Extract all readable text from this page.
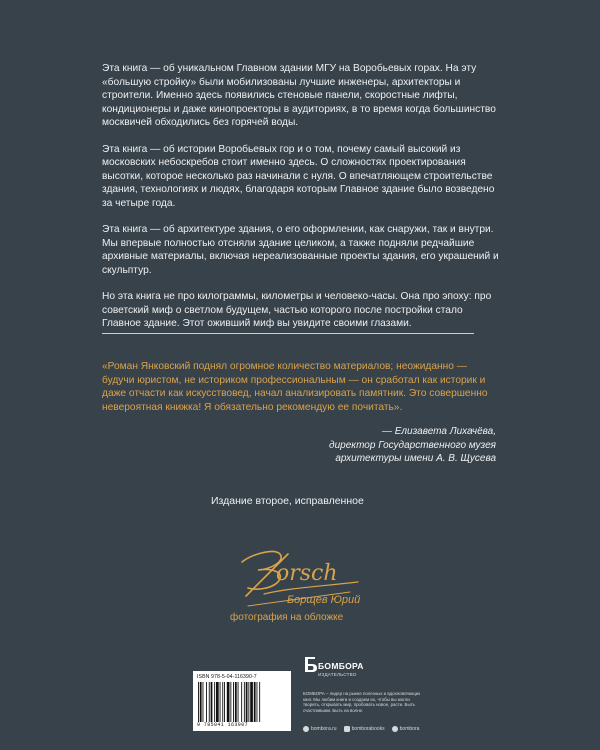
Эта книга — об уникальном Главном здании МГУ на Воробьевых горах. На эту «большую стройку» были мобилизованы лучшие инженеры, архитекторы и строители. Именно здесь появились стеновые панели, скоростные лифты, кондиционеры и даже кинопроекторы в аудиториях, в то время когда большинство москвичей обходились без горячей воды.

Эта книга — об истории Воробьевых гор и о том, почему самый высокий из московских небоскребов стоит именно здесь. О сложностях проектирования высотки, которое несколько раз начинали с нуля. О впечатляющем строительстве здания, технологиях и людях, благодаря которым Главное здание было возведено за четыре года.

Эта книга — об архитектуре здания, о его оформлении, как снаружи, так и внутри. Мы впервые полностью отсняли здание целиком, а также подняли редчайшие архивные материалы, включая нереализованные проекты здания, его украшений и скульптур.

Но эта книга не про килограммы, километры и человеко-часы. Она про эпоху: про советский миф о светлом будущем, частью которого после постройки стало Главное здание. Этот оживший миф вы увидите своими глазами.

«Роман Янковский поднял огромное количество материалов; неожиданно — будучи юристом, не историком профессиональным — он сработал как историк и даже отчасти как искусствовед, начал анализировать памятник. Это совершенно невероятная книжка! Я обязательно рекомендую ее почитать».
— Елизавета Лихачёва,
директор Государственного музея
архитектуры имени А. В. Щусева
Издание второе, исправленное
orsch
Борщев Юрий
фотография на обложке
ISBN 978-5-04-116390-7
9 785041 163907
БОМБОРА
ИЗДАТЕЛЬСТВО
БОМБОРА – лидер на рынке полезных и вдохновляющих книг. Мы любим книги и создаем их, чтобы вы могли творить, открывать мир, пробовать новое, расти. Быть счастливыми. Быть на волне.
bombora.ru	bomborabooks	bombora
